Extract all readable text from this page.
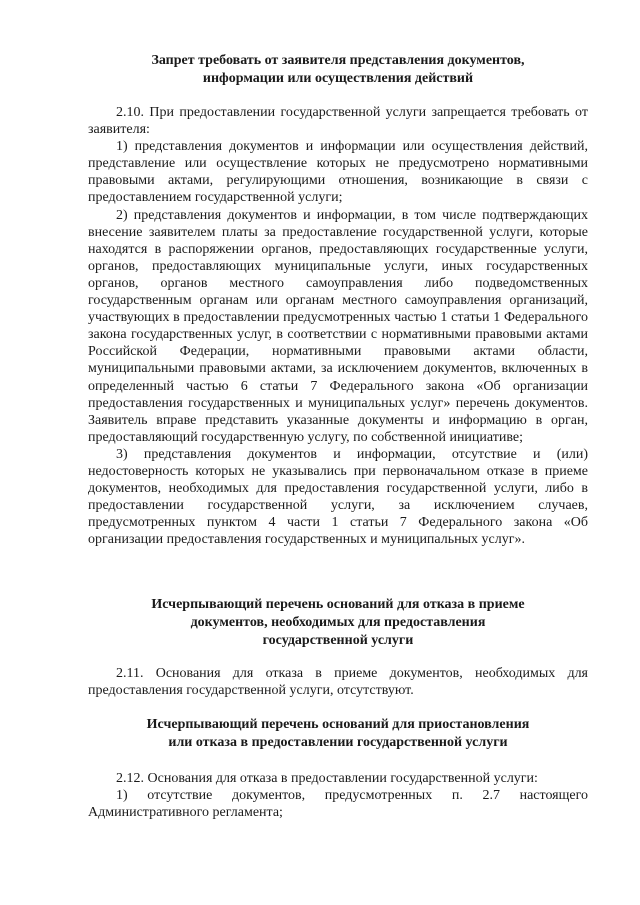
Запрет требовать от заявителя представления документов,
информации или осуществления действий

2.10. При предоставлении государственной услуги запрещается требовать от заявителя:

1) представления документов и информации или осуществления действий, представление или осуществление которых не предусмотрено нормативными правовыми актами, регулирующими отношения, возникающие в связи с предоставлением государственной услуги;

2) представления документов и информации, в том числе подтверждающих внесение заявителем платы за предоставление государственной услуги, которые находятся в распоряжении органов, предоставляющих государственные услуги, органов, предоставляющих муниципальные услуги, иных государственных органов, органов местного самоуправления либо подведомственных государственным органам или органам местного самоуправления организаций, участвующих в предоставлении предусмотренных частью 1 статьи 1 Федерального закона государственных услуг, в соответствии с нормативными правовыми актами Российской Федерации, нормативными правовыми актами области, муниципальными правовыми актами, за исключением документов, включенных в определенный частью 6 статьи 7 Федерального закона «Об организации предоставления государственных и муниципальных услуг» перечень документов. Заявитель вправе представить указанные документы и информацию в орган, предоставляющий государственную услугу, по собственной инициативе;

3) представления документов и информации, отсутствие и (или) недостоверность которых не указывались при первоначальном отказе в приеме документов, необходимых для предоставления государственной услуги, либо в предоставлении государственной услуги, за исключением случаев, предусмотренных пунктом 4 части 1 статьи 7 Федерального закона «Об организации предоставления государственных и муниципальных услуг».

Исчерпывающий перечень оснований для отказа в приеме
документов, необходимых для предоставления
государственной услуги

2.11. Основания для отказа в приеме документов, необходимых для предоставления государственной услуги, отсутствуют.

Исчерпывающий перечень оснований для приостановления
или отказа в предоставлении государственной услуги

2.12. Основания для отказа в предоставлении государственной услуги:

1) отсутствие документов, предусмотренных п. 2.7 настоящего Административного регламента;
